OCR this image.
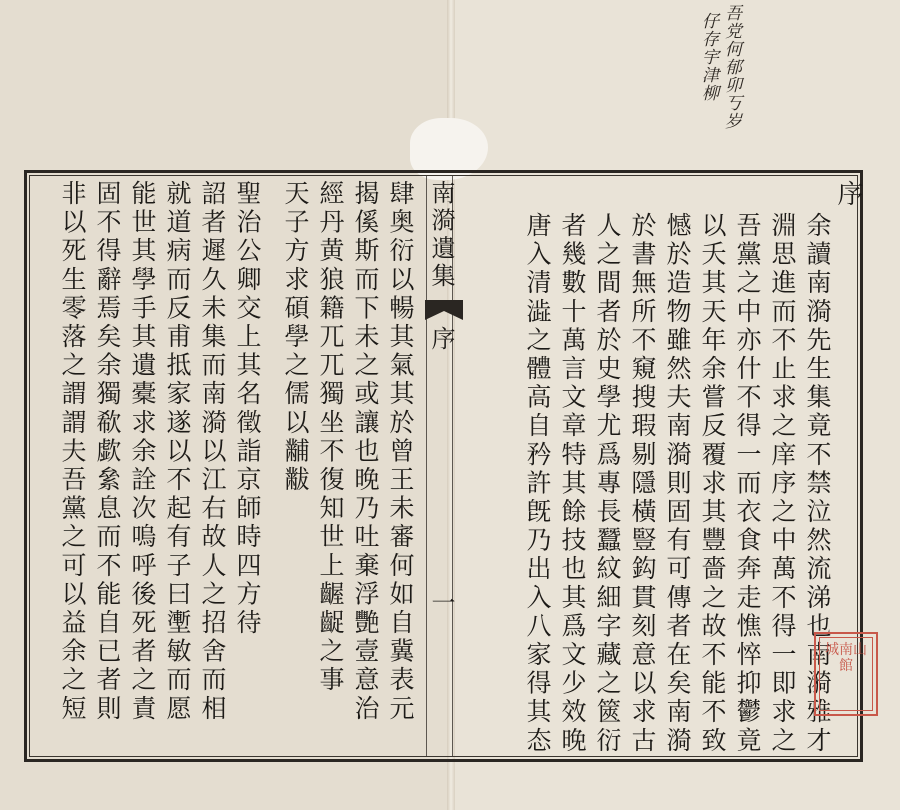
吾党何郁卯丂岁
仔存宇津柳
序
余讀南漪先生集竟不禁泣然流涕也南漪雅才
淵思進而不止求之庠序之中萬不得一即求之
吾黨之中亦什不得一而衣食奔走憔悴抑鬱竟
以夭其天年余嘗反覆求其豐嗇之故不能不致
憾於造物雖然夫南漪則固有可傳者在矣南漪
於書無所不窺搜瑕剔隱橫豎鈎貫刻意以求古
人之間者於史學尤爲專長蠶紋細字藏之篋衍
者幾數十萬言文章特其餘技也其爲文少效晚
唐入清澁之體高自矜許旣乃出入八家得其态
南漪遺集
序
一
肆奥衍以暢其氣其於曾王未審何如自冀表元
揭傒斯而下未之或讓也晚乃吐棄浮艷壹意治
經丹黄狼籍兀兀獨坐不復知世上齷齪之事
天子方求碩學之儒以黼黻
聖治公卿交上其名徵詣京師時四方待
詔者遲久未集而南漪以江右故人之招舍而相
就道病而反甫抵家遂以不起有子曰壍敏而愿
能世其學手其遺橐求余詮次嗚呼後死者之責
固不得辭焉矣余獨欷歔絫息而不能自已者則
非以死生零落之謂謂夫吾黨之可以益余之短	城南山館
